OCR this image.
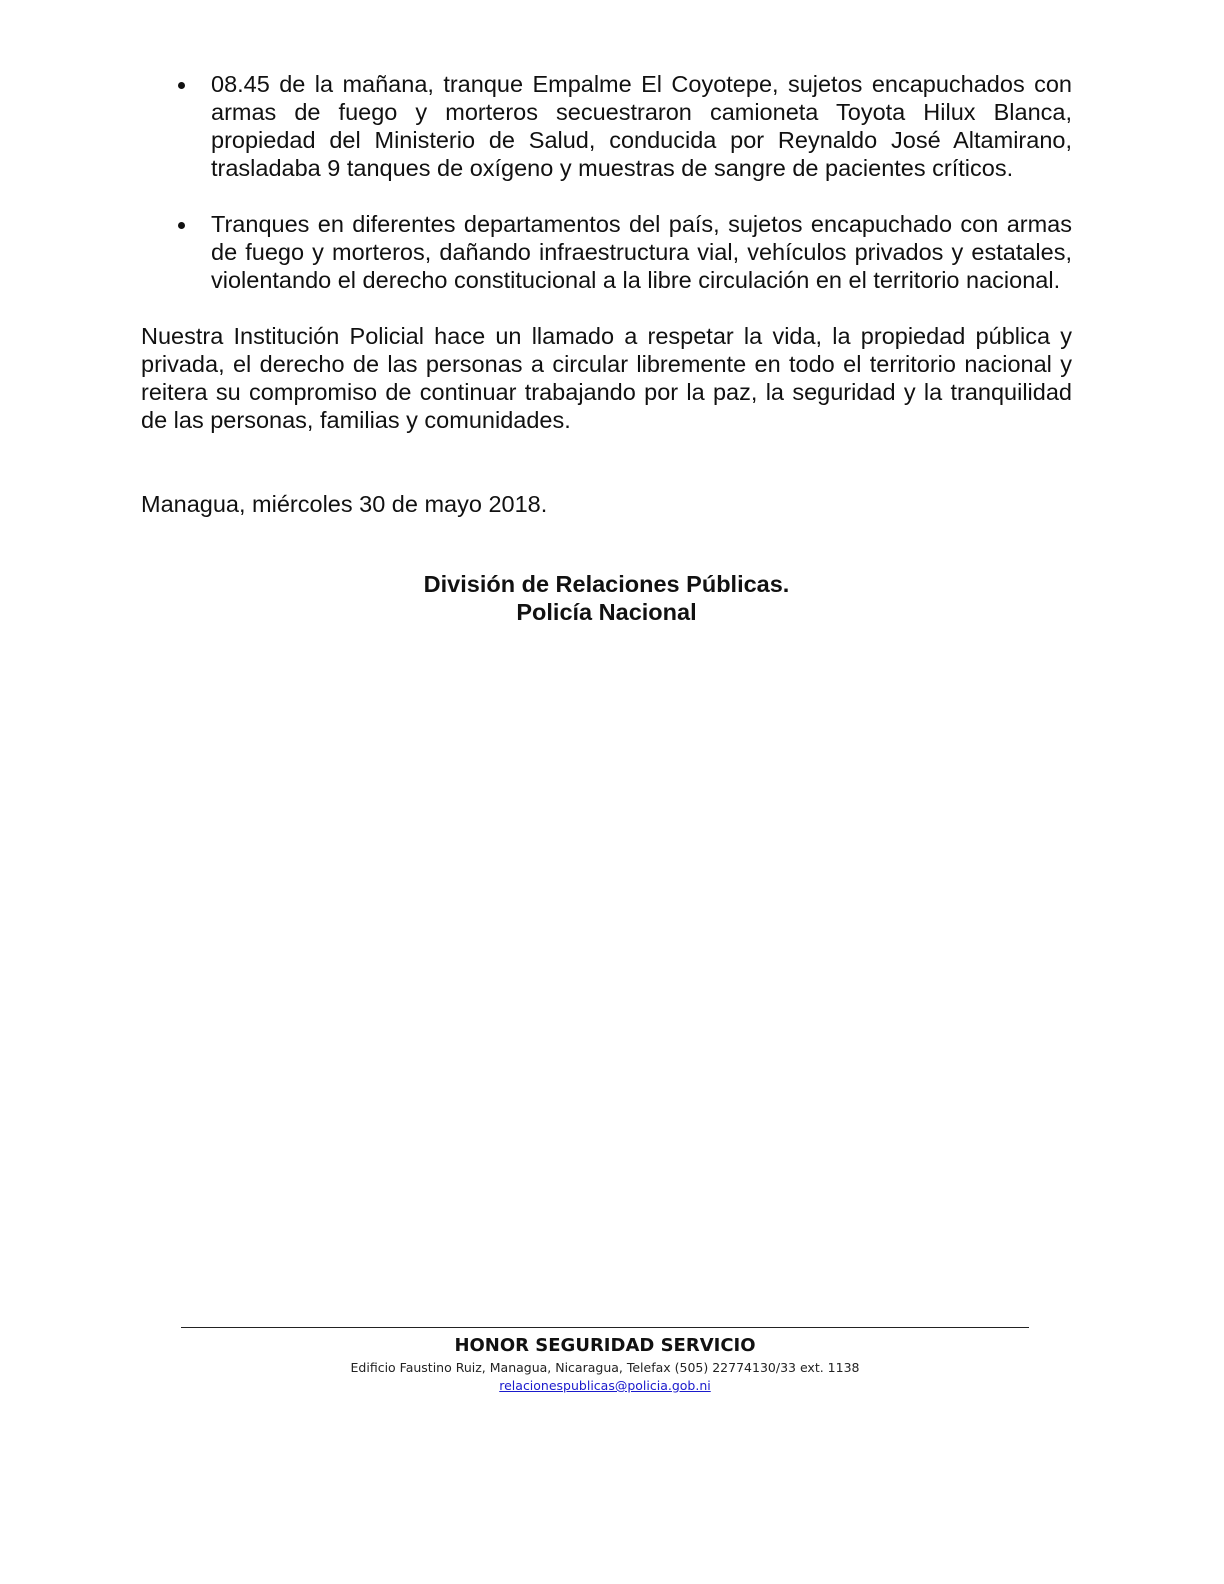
08.45 de la mañana, tranque Empalme El Coyotepe, sujetos encapuchados con armas de fuego y morteros secuestraron camioneta Toyota Hilux Blanca, propiedad del Ministerio de Salud, conducida por Reynaldo José Altamirano, trasladaba 9 tanques de oxígeno y muestras de sangre de pacientes críticos.
Tranques en diferentes departamentos del país, sujetos encapuchado con armas de fuego y morteros, dañando infraestructura vial, vehículos privados y estatales, violentando el derecho constitucional a la libre circulación en el territorio nacional.

Nuestra Institución Policial hace un llamado a respetar la vida, la propiedad pública y privada, el derecho de las personas a circular libremente en todo el territorio nacional y reitera su compromiso de continuar trabajando por la paz, la seguridad y la tranquilidad de las personas, familias y comunidades.

Managua, miércoles 30 de mayo 2018.

División de Relaciones Públicas.
Policía Nacional
HONOR SEGURIDAD SERVICIO
Edificio Faustino Ruiz, Managua, Nicaragua, Telefax (505) 22774130/33 ext. 1138
relacionespublicas@policia.gob.ni
